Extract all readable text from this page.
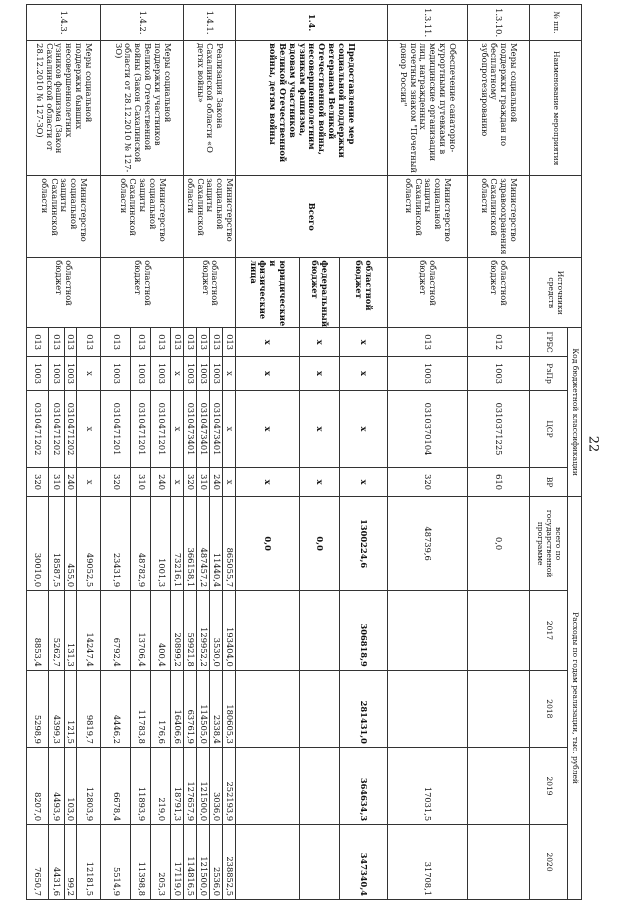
22
№ пп.	Наименование мероприятия		Источники средств	Код бюджетной классификации				Расходы по годам реализации, тыс. рублей				
				ГРБС	РзПр	ЦСР	ВР	всего по государственной программе	2017	2018	2019	2020
1.3.10.	Меры социальной поддержки граждан по бесплатному зубопротезированию	Министерство здравоохранения Сахалинской области	областной бюджет	012	1003	0310371225	610	0,0				
1.3.11.	Обеспечение санаторно-курортными путевками в медицинские организации лиц, награжденных почетным знаком "Почетный донор России"	Министерство социальной защиты Сахалинской области	областной бюджет	013	1003	0310370104	320	48739,6			17031,5	31708,1
1.4.	Предоставление мер социальной поддержки ветеранам Великой Отечественной войны, несовершеннолетним узникам фашизма, вдовам участников Великой Отечественной войны, детям войны	Всего	областной бюджет	х	х	х	х	1300224,6	306818,9	281431,0	364634,3	347340,4
			федеральный бюджет	х	х	х	х	0,0				
			юридические и физические лица	х	х	х	х	0,0				
1.4.1.	Реализация Закона Сахалинской области «О детях войны»	Министерство социальной защиты Сахалинской области	областной бюджет	013	х	х	х	865055,7	193404,0	180605,3	252193,9	238852,5
				013	1003	0310473401	240	11440,4	3530,0	2338,4	3036,0	2536,0
				013	1003	0310473401	310	487457,2	129952,2	114505,0	121500,0	121500,0
				013	1003	0310473401	320	366158,1	59921,8	63761,9	127657,9	114816,5
1.4.2.	Меры социальной поддержки участников Великой Отечественной войны (Закон Сахалинской области от 28.12.2010 № 127-ЗО)	Министерство социальной защиты Сахалинской области	областной бюджет	013	х	х	х	73216,1	20899,2	16406,6	18791,3	17119,0
				013	1003	0310471201	240	1001,3	400,4	176,6	219,0	205,3
				013	1003	0310471201	310	48782,9	13706,4	11783,8	11893,9	11398,8
				013	1003	0310471201	320	23431,9	6792,4	4446,2	6678,4	5514,9
1.4.3.	Меры социальной поддержки бывших несовершеннолетних узников фашизма (Закон Сахалинской области от 28.12.2010 № 127-ЗО)	Министерство социальной защиты Сахалинской области	областной бюджет	013	х	х	х	49052,5	14247,4	9819,7	12803,9	12181,5
				013	1003	0310471202	240	455,0	131,3	121,5	103,0	99,2
				013	1003	0310471202	310	18587,5	5262,7	4399,3	4493,9	4431,6
				013	1003	0310471202	320	30010,0	8853,4	5298,9	8207,0	7650,7
